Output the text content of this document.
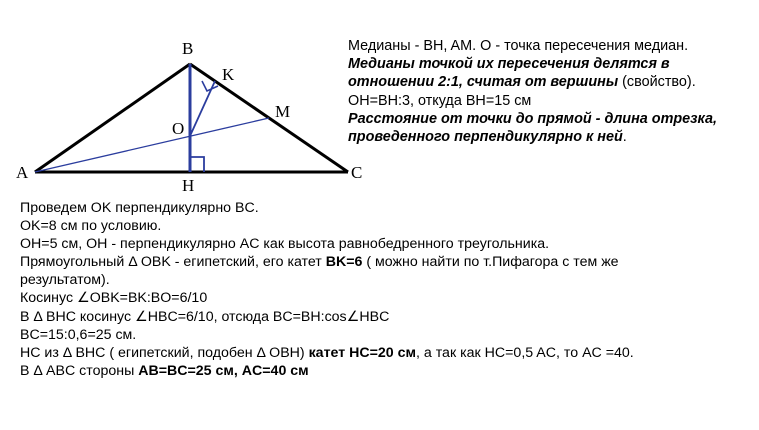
A
B
C
H
K
M
O

Медианы - BH, AM. O - точка пересечения медиан.

Медианы точкой их пересечения делятся в

отношении 2:1, считая от вершины (свойство).

OH=BH:3, откуда BH=15 см

Расстояние от точки до прямой - длина отрезка,

проведенного перпендикулярно к ней.

Проведем OK перпендикулярно BC.

OK=8 см по условию.

OH=5 см, OH - перпендикулярно AC как высота равнобедренного треугольника.

Прямоугольный Δ OBK - египетский, его катет BK=6 ( можно найти по т.Пифагора с тем же

результатом).

Косинус ∠OBK=BK:BO=6/10

В Δ BHC косинус ∠HBC=6/10, отсюда BC=BH:cos∠HBC

BC=15:0,6=25 см.

HC из Δ BHC ( египетский, подобен Δ OBH) катет HC=20 см, а так как HC=0,5 AC, то AC =40.

В Δ ABC стороны AB=BC=25 см, AC=40 см
